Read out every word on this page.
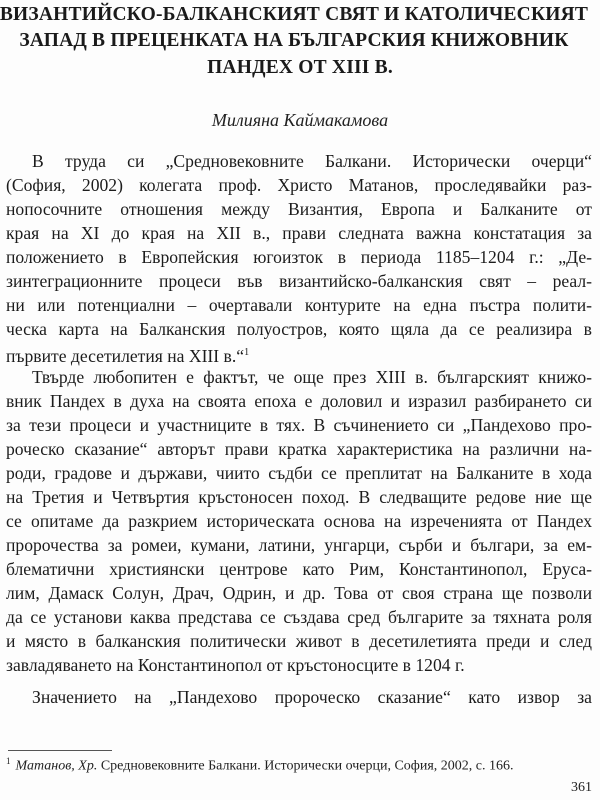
ВИЗАНТИЙСКО-БАЛКАНСКИЯТ СВЯТ И КАТОЛИЧЕСКИЯТ
ЗАПАД В ПРЕЦЕНКАТА НА БЪЛГАРСКИЯ КНИЖОВНИК
ПАНДЕХ ОТ XIII В.
Милияна Каймакамова
В труда си „Средновековните Балкани. Исторически очерци“
(София, 2002) колегата проф. Христо Матанов, проследявайки раз-
нопосочните отношения между Византия, Европа и Балканите от
края на XI до края на XII в., прави следната важна констатация за
положението в Европейския югоизток в периода 1185–1204 г.: „Де-
зинтеграционните процеси във византийско-балканския свят – реал-
ни или потенциални – очертавали контурите на една пъстра полити-
ческа карта на Балканския полуостров, която щяла да се реализира в
първите десетилетия на XIII в.“$^1$
Твърде любопитен е фактът, че още през XIII в. българският книжо-
вник Пандех в духа на своята епоха е доловил и изразил разбирането си
за тези процеси и участниците в тях. В съчинението си „Пандехово про-
роческо сказание“ авторът прави кратка характеристика на различни на-
роди, градове и държави, чиито съдби се преплитат на Балканите в хода
на Третия и Четвъртия кръстоносен поход. В следващите редове ние ще
се опитаме да разкрием историческата основа на изреченията от Пандех
пророчества за ромеи, кумани, латини, унгарци, сърби и българи, за ем-
блематични християнски центрове като Рим, Константинопол, Ерусa-
лим, Дамаск Солун, Драч, Одрин, и др. Това от своя страна ще позволи
да се установи каква представа се създава сред българите за тяхната роля
и място в балканския политически живот в десетилетията преди и след
завладяването на Константинопол от кръстоносците в 1204 г.
Значението на „Пандехово пророческо сказание“ като извор за
$^1$ Матанов, Хр. Средновековните Балкани. Исторически очерци, София, 2002, с. 166.
361
